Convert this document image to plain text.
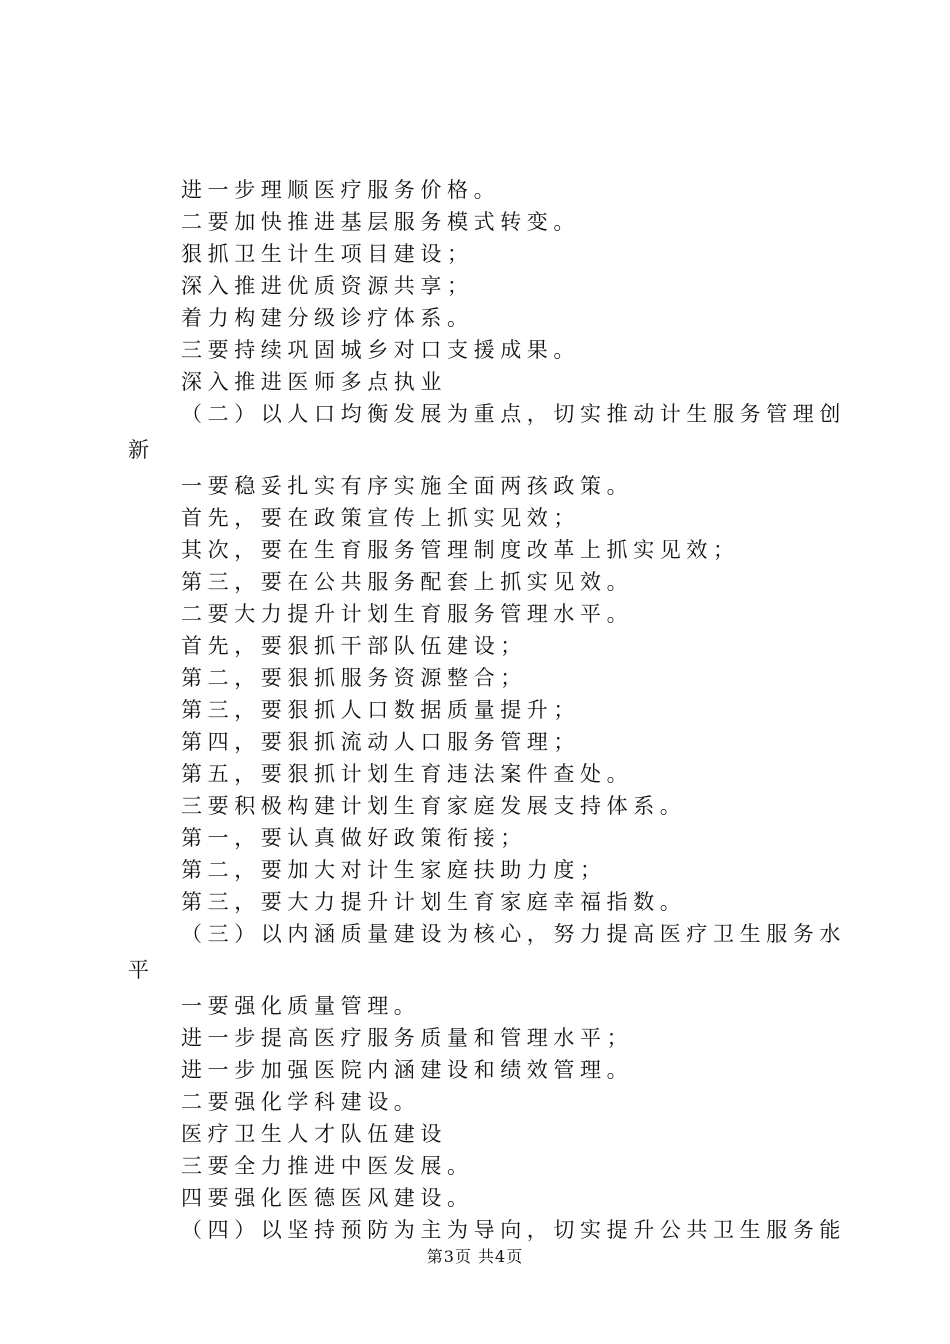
进一步理顺医疗服务价格。

二要加快推进基层服务模式转变。

狠抓卫生计生项目建设；

深入推进优质资源共享；

着力构建分级诊疗体系。

三要持续巩固城乡对口支援成果。

深入推进医师多点执业

（二）以人口均衡发展为重点，切实推动计生服务管理创

新

一要稳妥扎实有序实施全面两孩政策。

首先，要在政策宣传上抓实见效；

其次，要在生育服务管理制度改革上抓实见效；

第三，要在公共服务配套上抓实见效。

二要大力提升计划生育服务管理水平。

首先，要狠抓干部队伍建设；

第二，要狠抓服务资源整合；

第三，要狠抓人口数据质量提升；

第四，要狠抓流动人口服务管理；

第五，要狠抓计划生育违法案件查处。

三要积极构建计划生育家庭发展支持体系。

第一，要认真做好政策衔接；

第二，要加大对计生家庭扶助力度；

第三，要大力提升计划生育家庭幸福指数。

（三）以内涵质量建设为核心，努力提高医疗卫生服务水

平

一要强化质量管理。

进一步提高医疗服务质量和管理水平；

进一步加强医院内涵建设和绩效管理。

二要强化学科建设。

医疗卫生人才队伍建设

三要全力推进中医发展。

四要强化医德医风建设。

（四）以坚持预防为主为导向，切实提升公共卫生服务能

第3页 共4页
